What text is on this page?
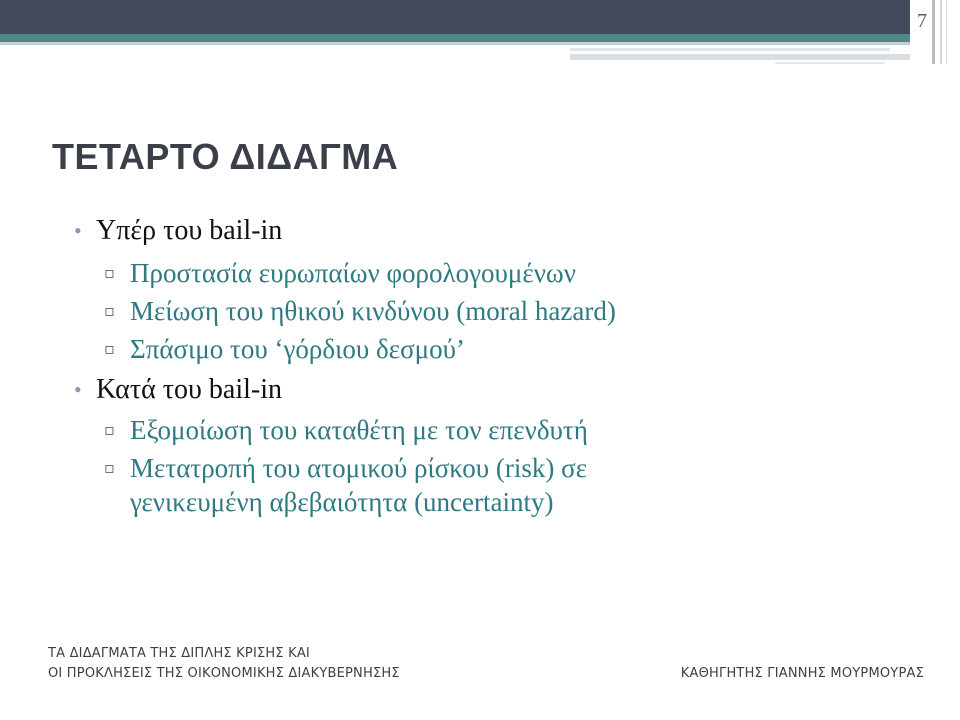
7
ΤΕΤΑΡΤΟ ΔΙΔΑΓΜΑ
• Υπέρ του bail-in
▫ Προστασία ευρωπαίων φορολογουμένων
▫ Μείωση του ηθικού κινδύνου (moral hazard)
▫ Σπάσιμο του ‘γόρδιου δεσμού’
• Κατά του bail-in
▫ Εξομοίωση του καταθέτη με τον επενδυτή
▫ Μετατροπή του ατομικού ρίσκου (risk) σε
γενικευμένη αβεβαιότητα (uncertainty)
ΤΑ ΔΙΔΑΓΜΑΤΑ ΤΗΣ ΔΙΠΛΗΣ ΚΡΙΣΗΣ ΚΑΙ
ΟΙ ΠΡΟΚΛΗΣΕΙΣ ΤΗΣ ΟΙΚΟΝΟΜΙΚΗΣ ΔΙΑΚΥΒΕΡΝΗΣΗΣ	ΚΑΘΗΓΗΤΗΣ ΓΙΑΝΝΗΣ ΜΟΥΡΜΟΥΡΑΣ
